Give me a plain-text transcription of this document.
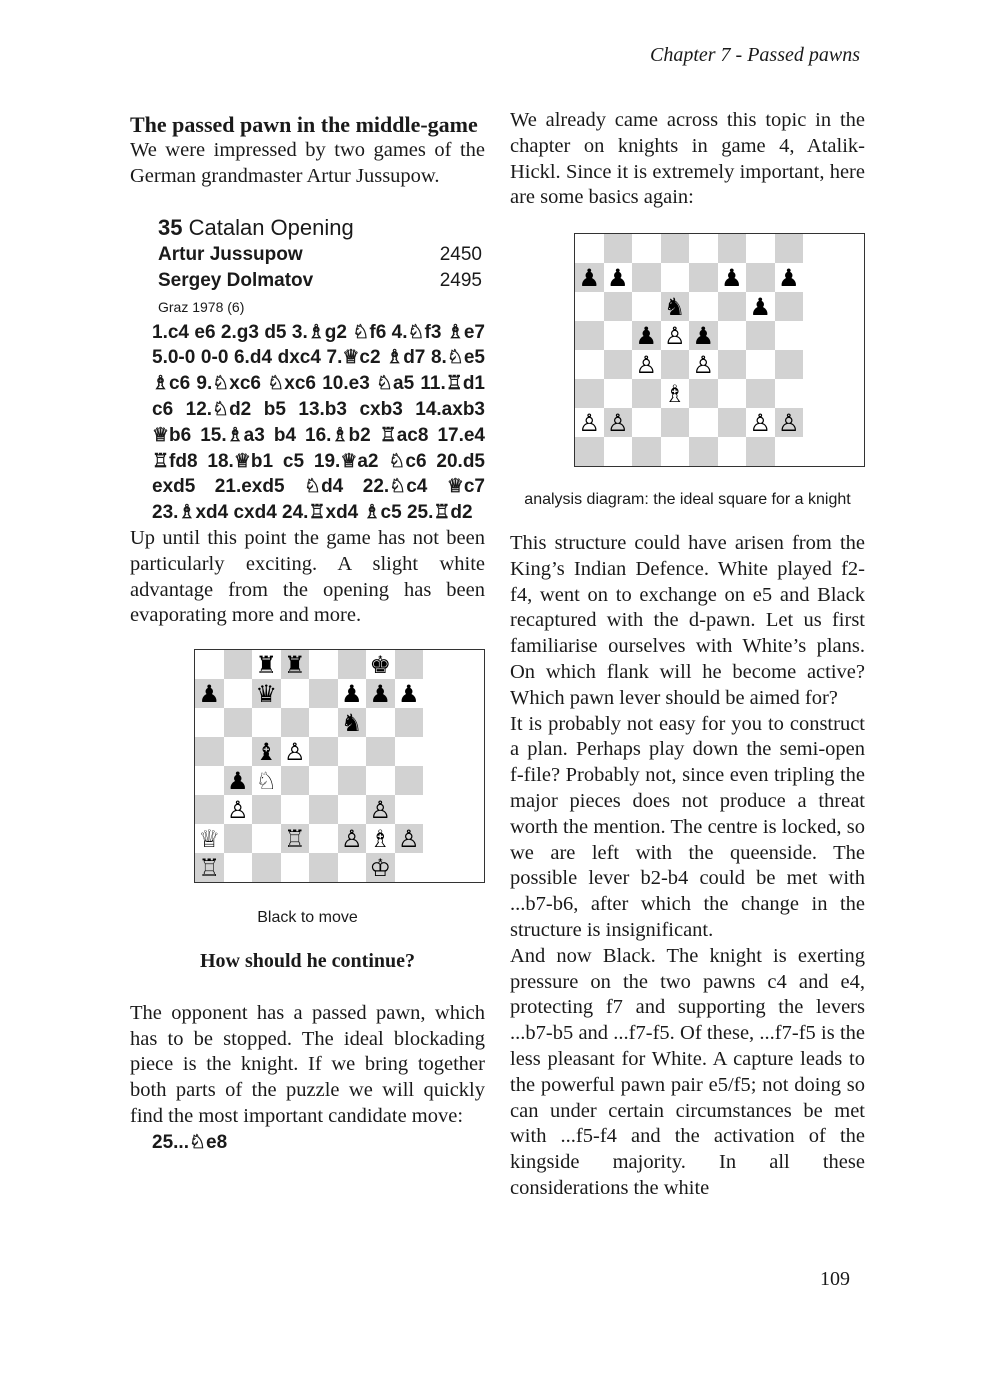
Chapter 7 - Passed pawns
The passed pawn in the middle-game

We were impressed by two games of the German grandmaster Artur Jussupow.

35 Catalan Opening
Artur Jussupow	2450
Sergey Dolmatov	2495
Graz 1978 (6)

1.c4 e6 2.g3 d5 3.♗g2 ♘f6 4.♘f3 ♗e7 5.0-0 0-0 6.d4 dxc4 7.♕c2 ♗d7 8.♘e5 ♗c6 9.♘xc6 ♘xc6 10.e3 ♘a5 11.♖d1 c6 12.♘d2 b5 13.b3 cxb3 14.axb3 ♕b6 15.♗a3 b4 16.♗b2 ♖ac8 17.e4 ♖fd8 18.♕b1 c5 19.♕a2 ♘c6 20.d5 exd5 21.exd5 ♘d4 22.♘c4 ♕c7 23.♗xd4 cxd4 24.♖xd4 ♗c5 25.♖d2

Up until this point the game has not been particularly exciting. A slight white advantage from the opening has been evaporating more and more.

♜ ♜	♚
♟ ♛	♟ ♟ ♟
♞
♝ ♙
♟ ♘
♙	♙
♕	♖ ♙ ♗ ♙
♖	♔
Black to move
How should he continue?

The opponent has a passed pawn, which has to be stopped. The ideal blockading piece is the knight. If we bring together both parts of the puzzle we will quickly find the most important candidate move:

25...♘e8

We already came across this topic in the chapter on knights in game 4, Atalik-Hickl. Since it is extremely important, here are some basics again:

♟ ♟	♟ ♟
♞	♟
♟ ♙ ♟
♙ ♙
♗
♙ ♙	♙ ♙
analysis diagram: the ideal square for a knight

This structure could have arisen from the King’s Indian Defence. White played f2-f4, went on to exchange on e5 and Black recaptured with the d-pawn. Let us first familiarise ourselves with White’s plans. On which flank will he become active? Which pawn lever should be aimed for?

It is probably not easy for you to construct a plan. Perhaps play down the semi-open f-file? Probably not, since even tripling the major pieces does not produce a threat worth the mention. The centre is locked, so we are left with the queenside. The possible lever b2-b4 could be met with ...b7-b6, after which the change in the structure is insignificant.

And now Black. The knight is exerting pressure on the two pawns c4 and e4, protecting f7 and supporting the levers ...b7-b5 and ...f7-f5. Of these, ...f7-f5 is the less pleasant for White. A capture leads to the powerful pawn pair e5/f5; not doing so can under certain circumstances be met with ...f5-f4 and the activation of the kingside majority. In all these considerations the white

109
